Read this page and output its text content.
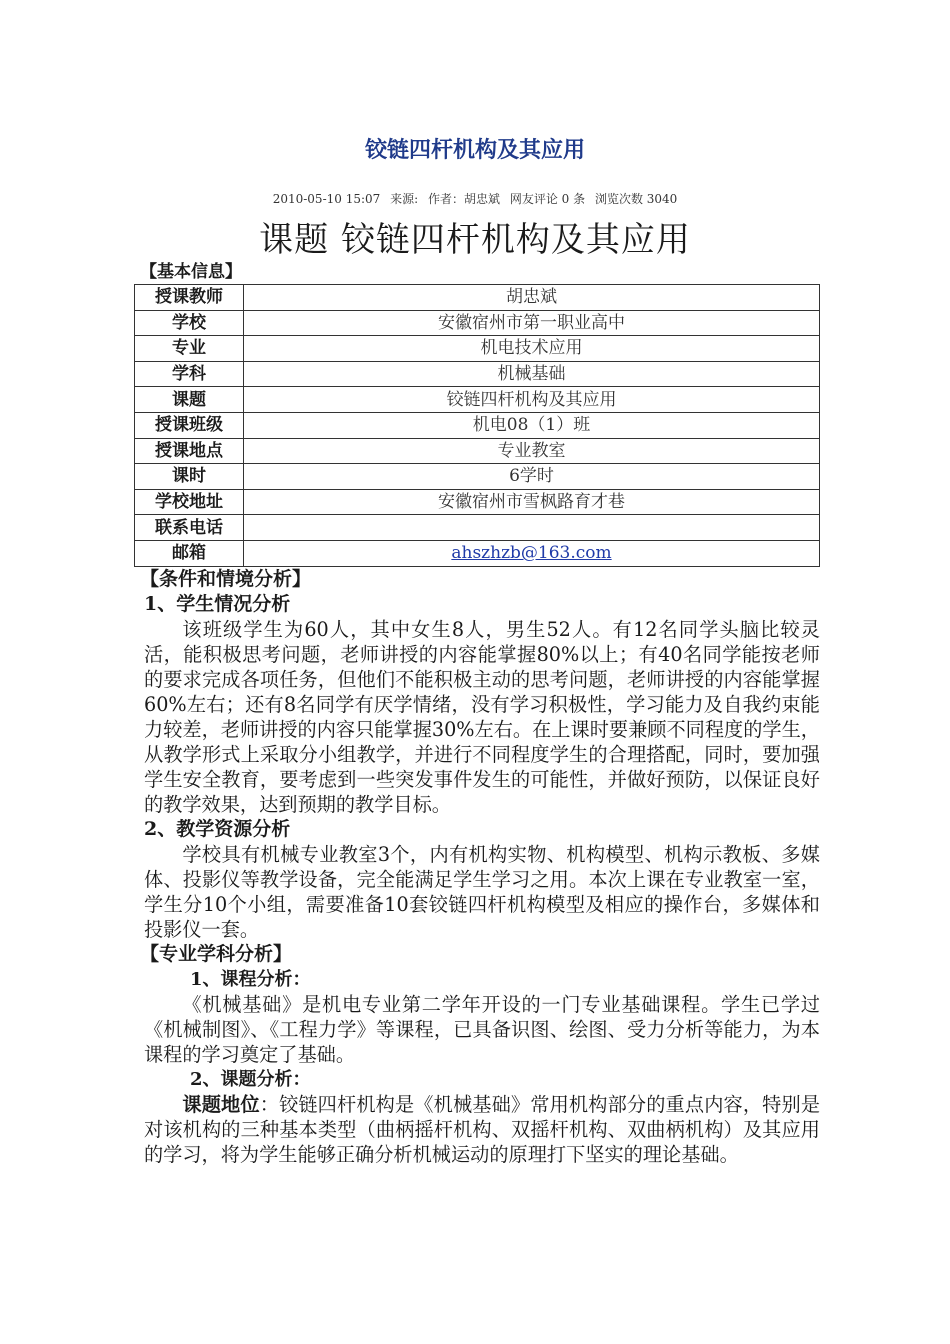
铰链四杆机构及其应用
2010-05-10 15:07 来源: 作者：胡忠斌 网友评论 0 条 浏览次数 3040
课题 铰链四杆机构及其应用
【基本信息】
授课教师	胡忠斌
学校	安徽宿州市第一职业高中
专业	机电技术应用
学科	机械基础
课题	铰链四杆机构及其应用
授课班级	机电08（1）班
授课地点	专业教室
课时	6学时
学校地址	安徽宿州市雪枫路育才巷
联系电话	
邮箱	ahszhzb@163.com
【条件和情境分析】
1、学生情况分析

该班级学生为60人，其中女生8人，男生52人。有12名同学头脑比较灵活，能积极思考问题，老师讲授的内容能掌握80%以上；有40名同学能按老师的要求完成各项任务，但他们不能积极主动的思考问题，老师讲授的内容能掌握60%左右；还有8名同学有厌学情绪，没有学习积极性，学习能力及自我约束能力较差，老师讲授的内容只能掌握30%左右。在上课时要兼顾不同程度的学生，从教学形式上采取分小组教学，并进行不同程度学生的合理搭配，同时，要加强学生安全教育，要考虑到一些突发事件发生的可能性，并做好预防，以保证良好的教学效果，达到预期的教学目标。

2、教学资源分析

学校具有机械专业教室3个，内有机构实物、机构模型、机构示教板、多媒体、投影仪等教学设备，完全能满足学生学习之用。本次上课在专业教室一室，学生分10个小组，需要准备10套铰链四杆机构模型及相应的操作台，多媒体和投影仪一套。

【专业学科分析】
1、课程分析：

《机械基础》是机电专业第二学年开设的一门专业基础课程。学生已学过《机械制图》、《工程力学》等课程，已具备识图、绘图、受力分析等能力，为本课程的学习奠定了基础。

2、课题分析：

课题地位：铰链四杆机构是《机械基础》常用机构部分的重点内容，特别是对该机构的三种基本类型（曲柄摇杆机构、双摇杆机构、双曲柄机构）及其应用的学习，将为学生能够正确分析机械运动的原理打下坚实的理论基础。
